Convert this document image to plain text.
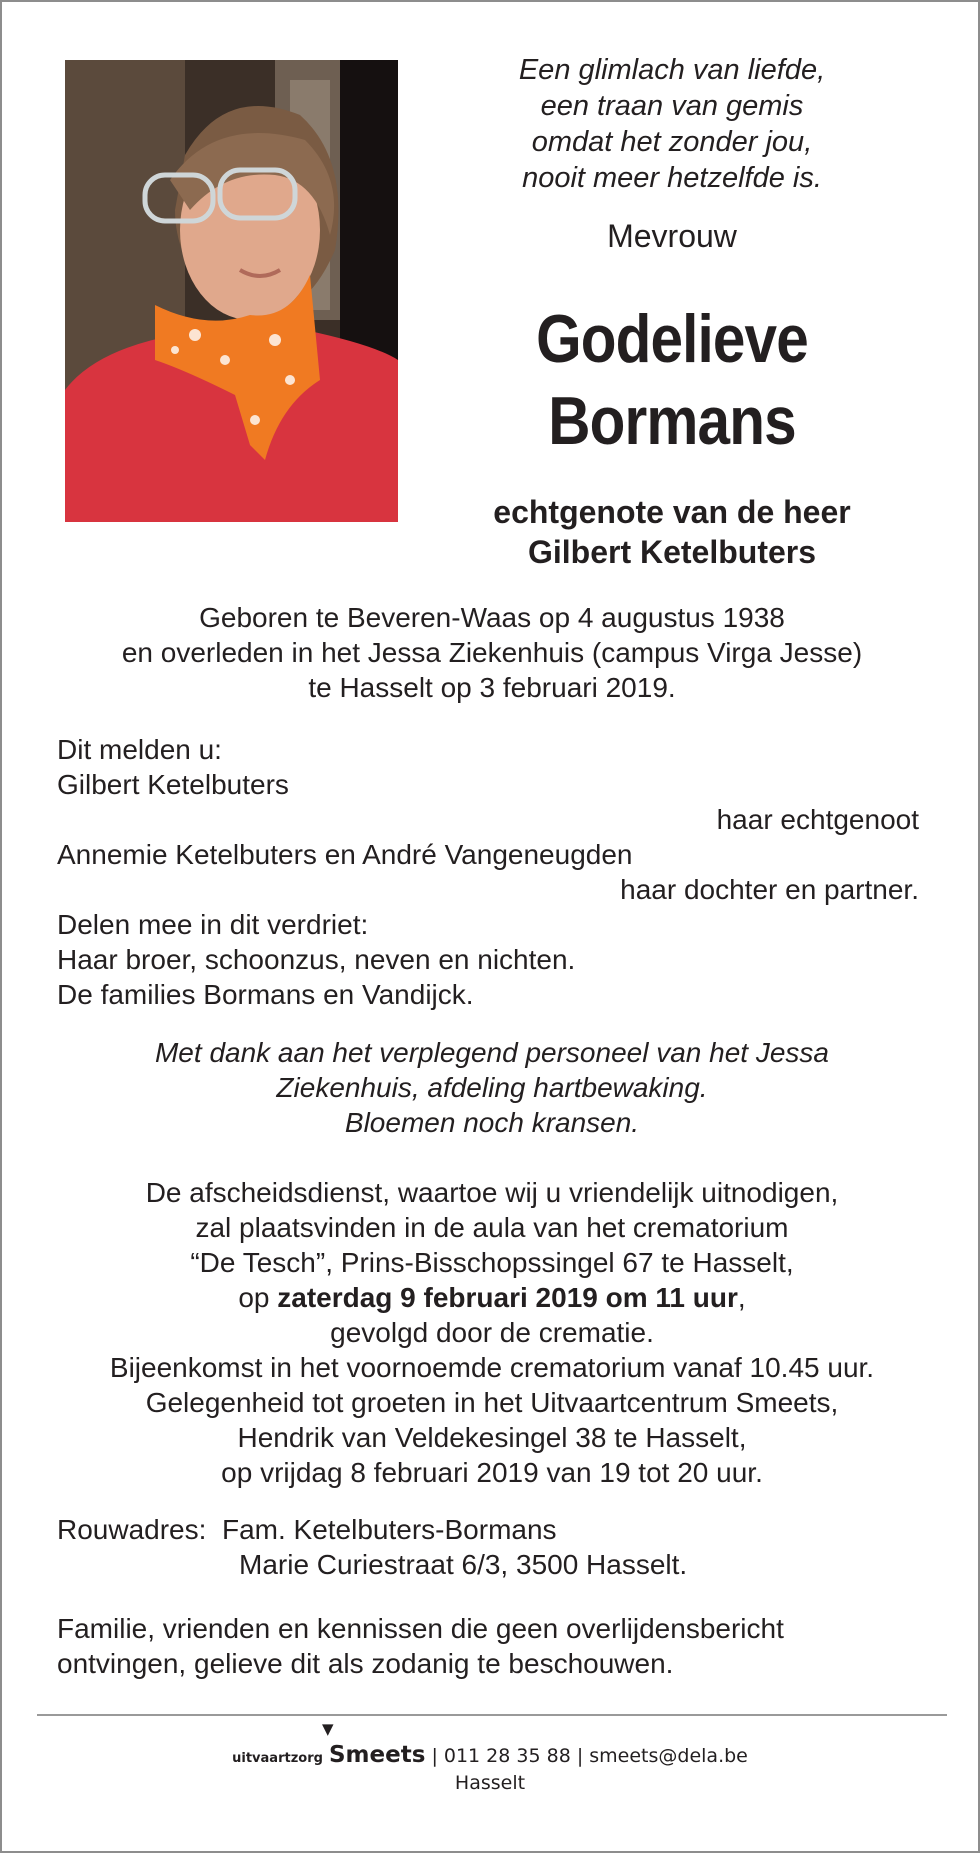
Een glimlach van liefde,
een traan van gemis
omdat het zonder jou,
nooit meer hetzelfde is.
Mevrouw
Godelieve
Bormans
echtgenote van de heer
Gilbert Ketelbuters
Geboren te Beveren-Waas op 4 augustus 1938
en overleden in het Jessa Ziekenhuis (campus Virga Jesse)
te Hasselt op 3 februari 2019.
Dit melden u:
Gilbert Ketelbuters
haar echtgenoot
Annemie Ketelbuters en André Vangeneugden
haar dochter en partner.
Delen mee in dit verdriet:
Haar broer, schoonzus, neven en nichten.
De families Bormans en Vandijck.
Met dank aan het verplegend personeel van het Jessa
Ziekenhuis, afdeling hartbewaking.
Bloemen noch kransen.
De afscheidsdienst, waartoe wij u vriendelijk uitnodigen,
zal plaatsvinden in de aula van het crematorium
“De Tesch”, Prins-Bisschopssingel 67 te Hasselt,
op zaterdag 9 februari 2019 om 11 uur,
gevolgd door de crematie.
Bijeenkomst in het voornoemde crematorium vanaf 10.45 uur.
Gelegenheid tot groeten in het Uitvaartcentrum Smeets,
Hendrik van Veldekesingel 38 te Hasselt,
op vrijdag 8 februari 2019 van 19 tot 20 uur.
Rouwadres: Fam. Ketelbuters-Bormans
Marie Curiestraat 6/3, 3500 Hasselt.
Familie, vrienden en kennissen die geen overlijdensbericht
ontvingen, gelieve dit als zodanig te beschouwen.
uitvaartzorg
▼
Smeets | 011 28 35 88 | smeets@dela.be
Hasselt
